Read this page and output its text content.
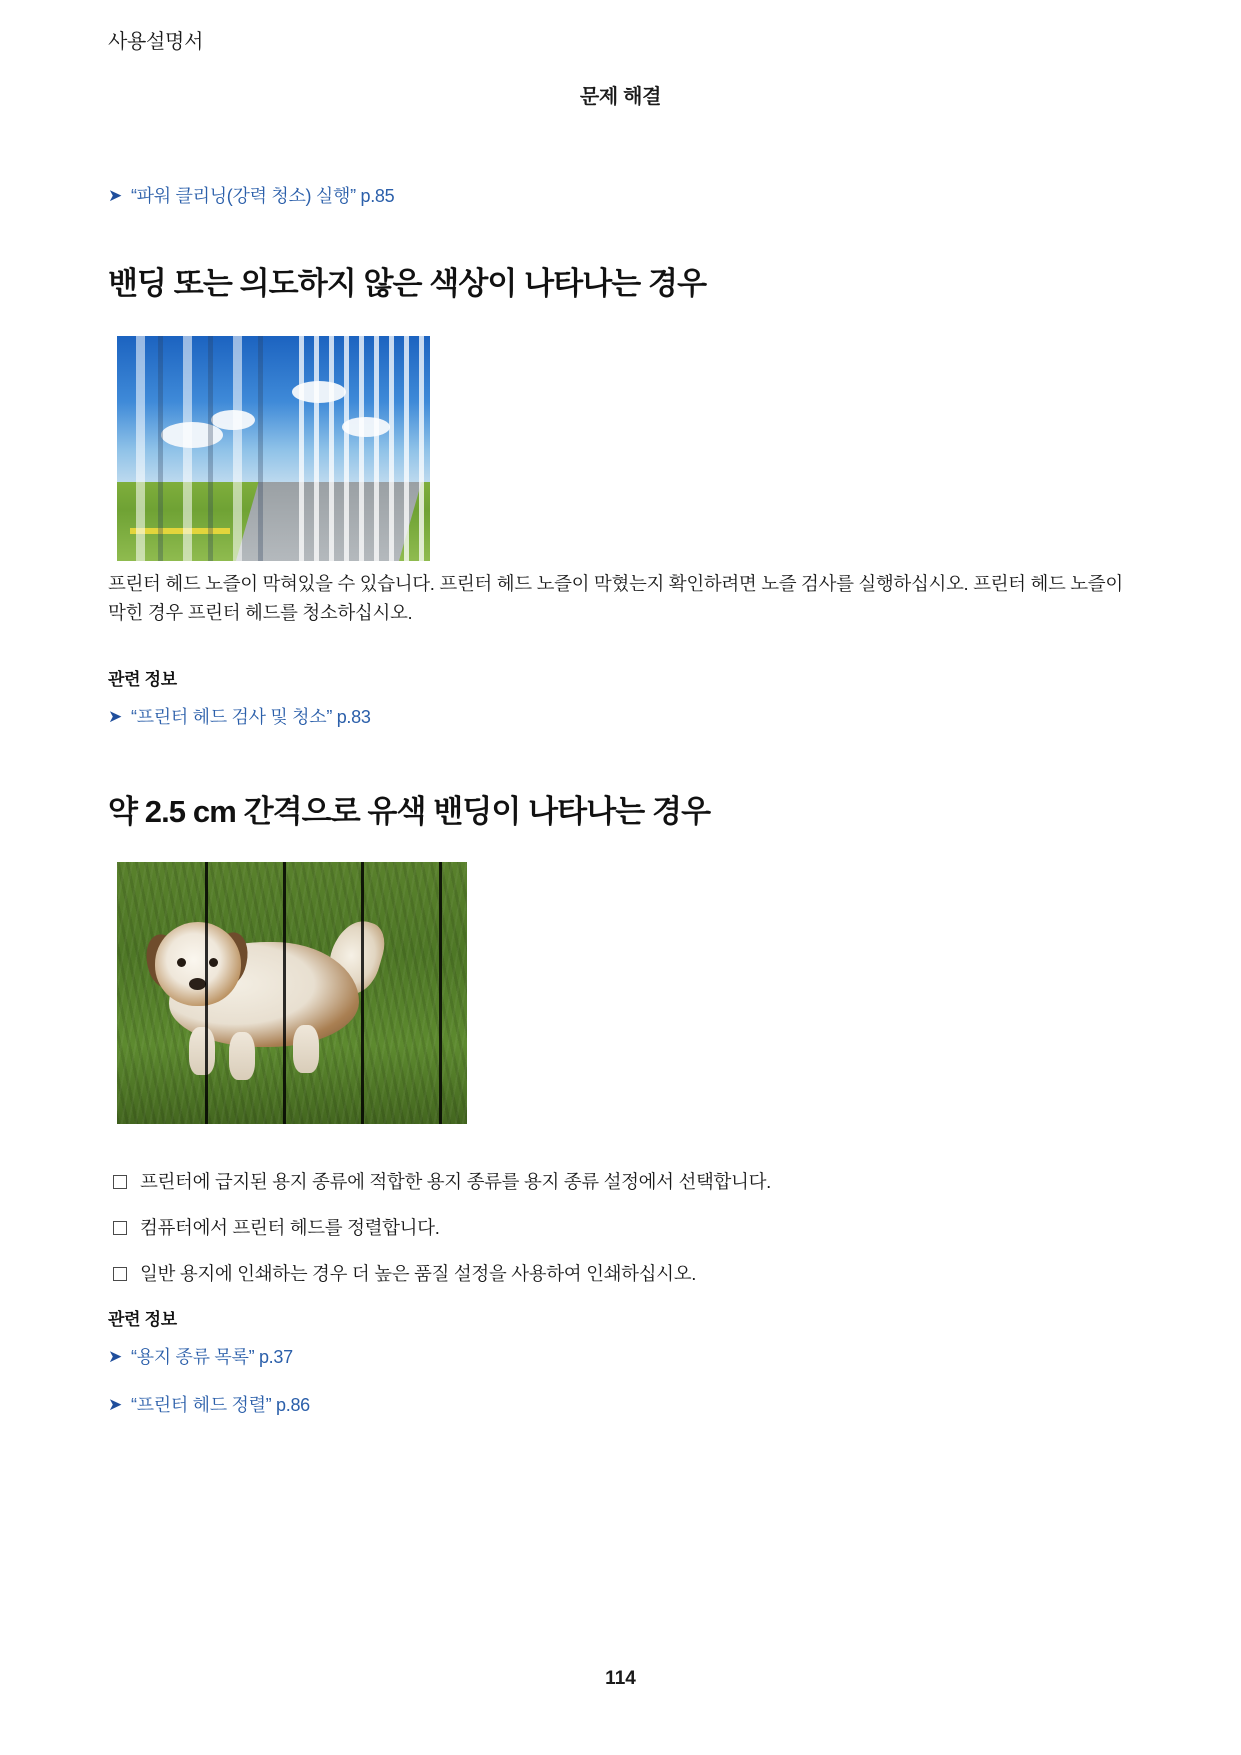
사용설명서
문제 해결
➤ “파워 클리닝(강력 청소) 실행” p.85
밴딩 또는 의도하지 않은 색상이 나타나는 경우
프린터 헤드 노즐이 막혀있을 수 있습니다. 프린터 헤드 노즐이 막혔는지 확인하려면 노즐 검사를 실행하십시오. 프린터 헤드 노즐이 막힌 경우 프린터 헤드를 청소하십시오.
관련 정보
➤ “프린터 헤드 검사 및 청소” p.83
약 2.5 cm 간격으로 유색 밴딩이 나타나는 경우
프린터에 급지된 용지 종류에 적합한 용지 종류를 용지 종류 설정에서 선택합니다.
컴퓨터에서 프린터 헤드를 정렬합니다.
일반 용지에 인쇄하는 경우 더 높은 품질 설정을 사용하여 인쇄하십시오.
관련 정보
➤ “용지 종류 목록” p.37
➤ “프린터 헤드 정렬” p.86
114
